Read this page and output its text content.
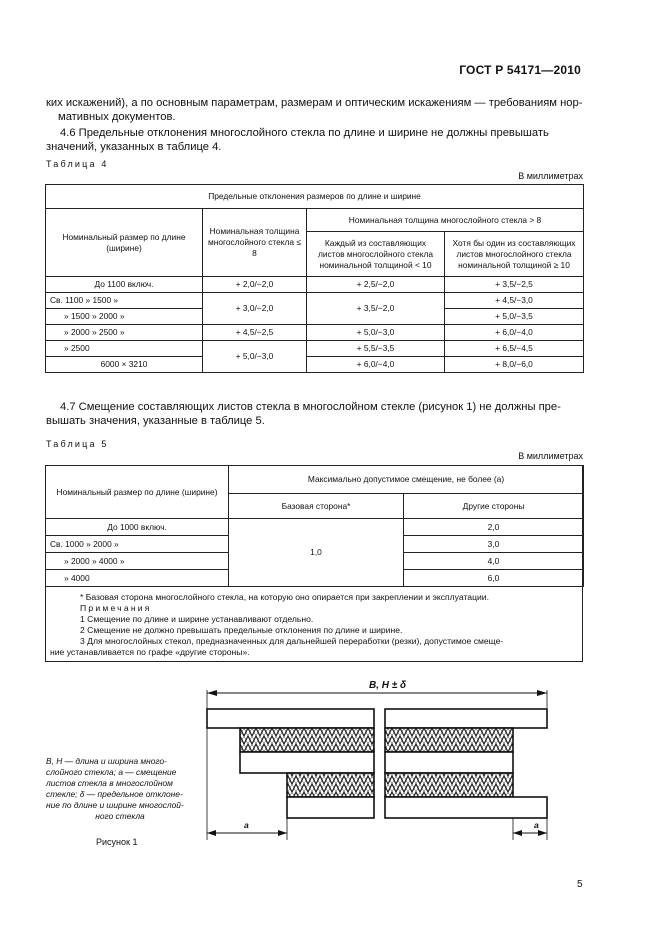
ГОСТ Р 54171—2010

ких искажений), а по основным параметрам, размерам и оптическим искажениям — требованиям нор-

мативных документов.

4.6 Предельные отклонения многослойного стекла по длине и ширине не должны превышать

значений, указанных в таблице 4.

Таблица 4
В миллиметрах
Предельные отклонения размеров по длине и ширине			
Номинальный размер по длине (ширине)	Номинальная толщина многослойного стекла ≤ 8	Номинальная толщина многослойного стекла > 8	
		Каждый из составляющих листов многослойного стекла номинальной толщиной < 10	Хотя бы один из составляющих листов многослойного стекла номинальной толщиной ≥ 10
До 1100 включ.	+ 2,0/−2,0	+ 2,5/−2,0	+ 3,5/−2,5
Св. 1100 » 1500 »	+ 3,0/−2,0	+ 3,5/−2,0	+ 4,5/−3,0
» 1500 » 2000 »			+ 5,0/−3,5
» 2000 » 2500 »	+ 4,5/−2,5	+ 5,0/−3,0	+ 6,0/−4,0
» 2500	+ 5,0/−3,0	+ 5,5/−3,5	+ 6,5/−4,5
6000 × 3210		+ 6,0/−4,0	+ 8,0/−6,0

4.7 Смещение составляющих листов стекла в многослойном стекле (рисунок 1) не должны пре-

вышать значения, указанные в таблице 5.

Таблица 5
В миллиметрах
Номинальный размер по длине (ширине)	Максимально допустимое смещение, не более (а)	
	Базовая сторона*	Другие стороны
До 1000 включ.	1,0	2,0
Св. 1000 » 2000 »		3,0
» 2000 » 4000 »		4,0
» 4000		6,0

* Базовая сторона многослойного стекла, на которую оно опирается при закреплении и эксплуатации.

Примечания

1 Смещение по длине и ширине устанавливают отдельно.

2 Смещение не должно превышать предельные отклонения по длине и ширине.

3 Для многослойных стекол, предназначенных для дальнейшей переработки (резки), допустимое смеще-

ние устанавливается по графе «другие стороны».

B, H ± δ
a	a
B, H — длина и ширина много-
слойного стекла; а — смещение
листов стекла в многослойном
стекле; δ — предельное отклоне-
ние по длине и ширине многослой-
ного стекла
Рисунок 1
5
